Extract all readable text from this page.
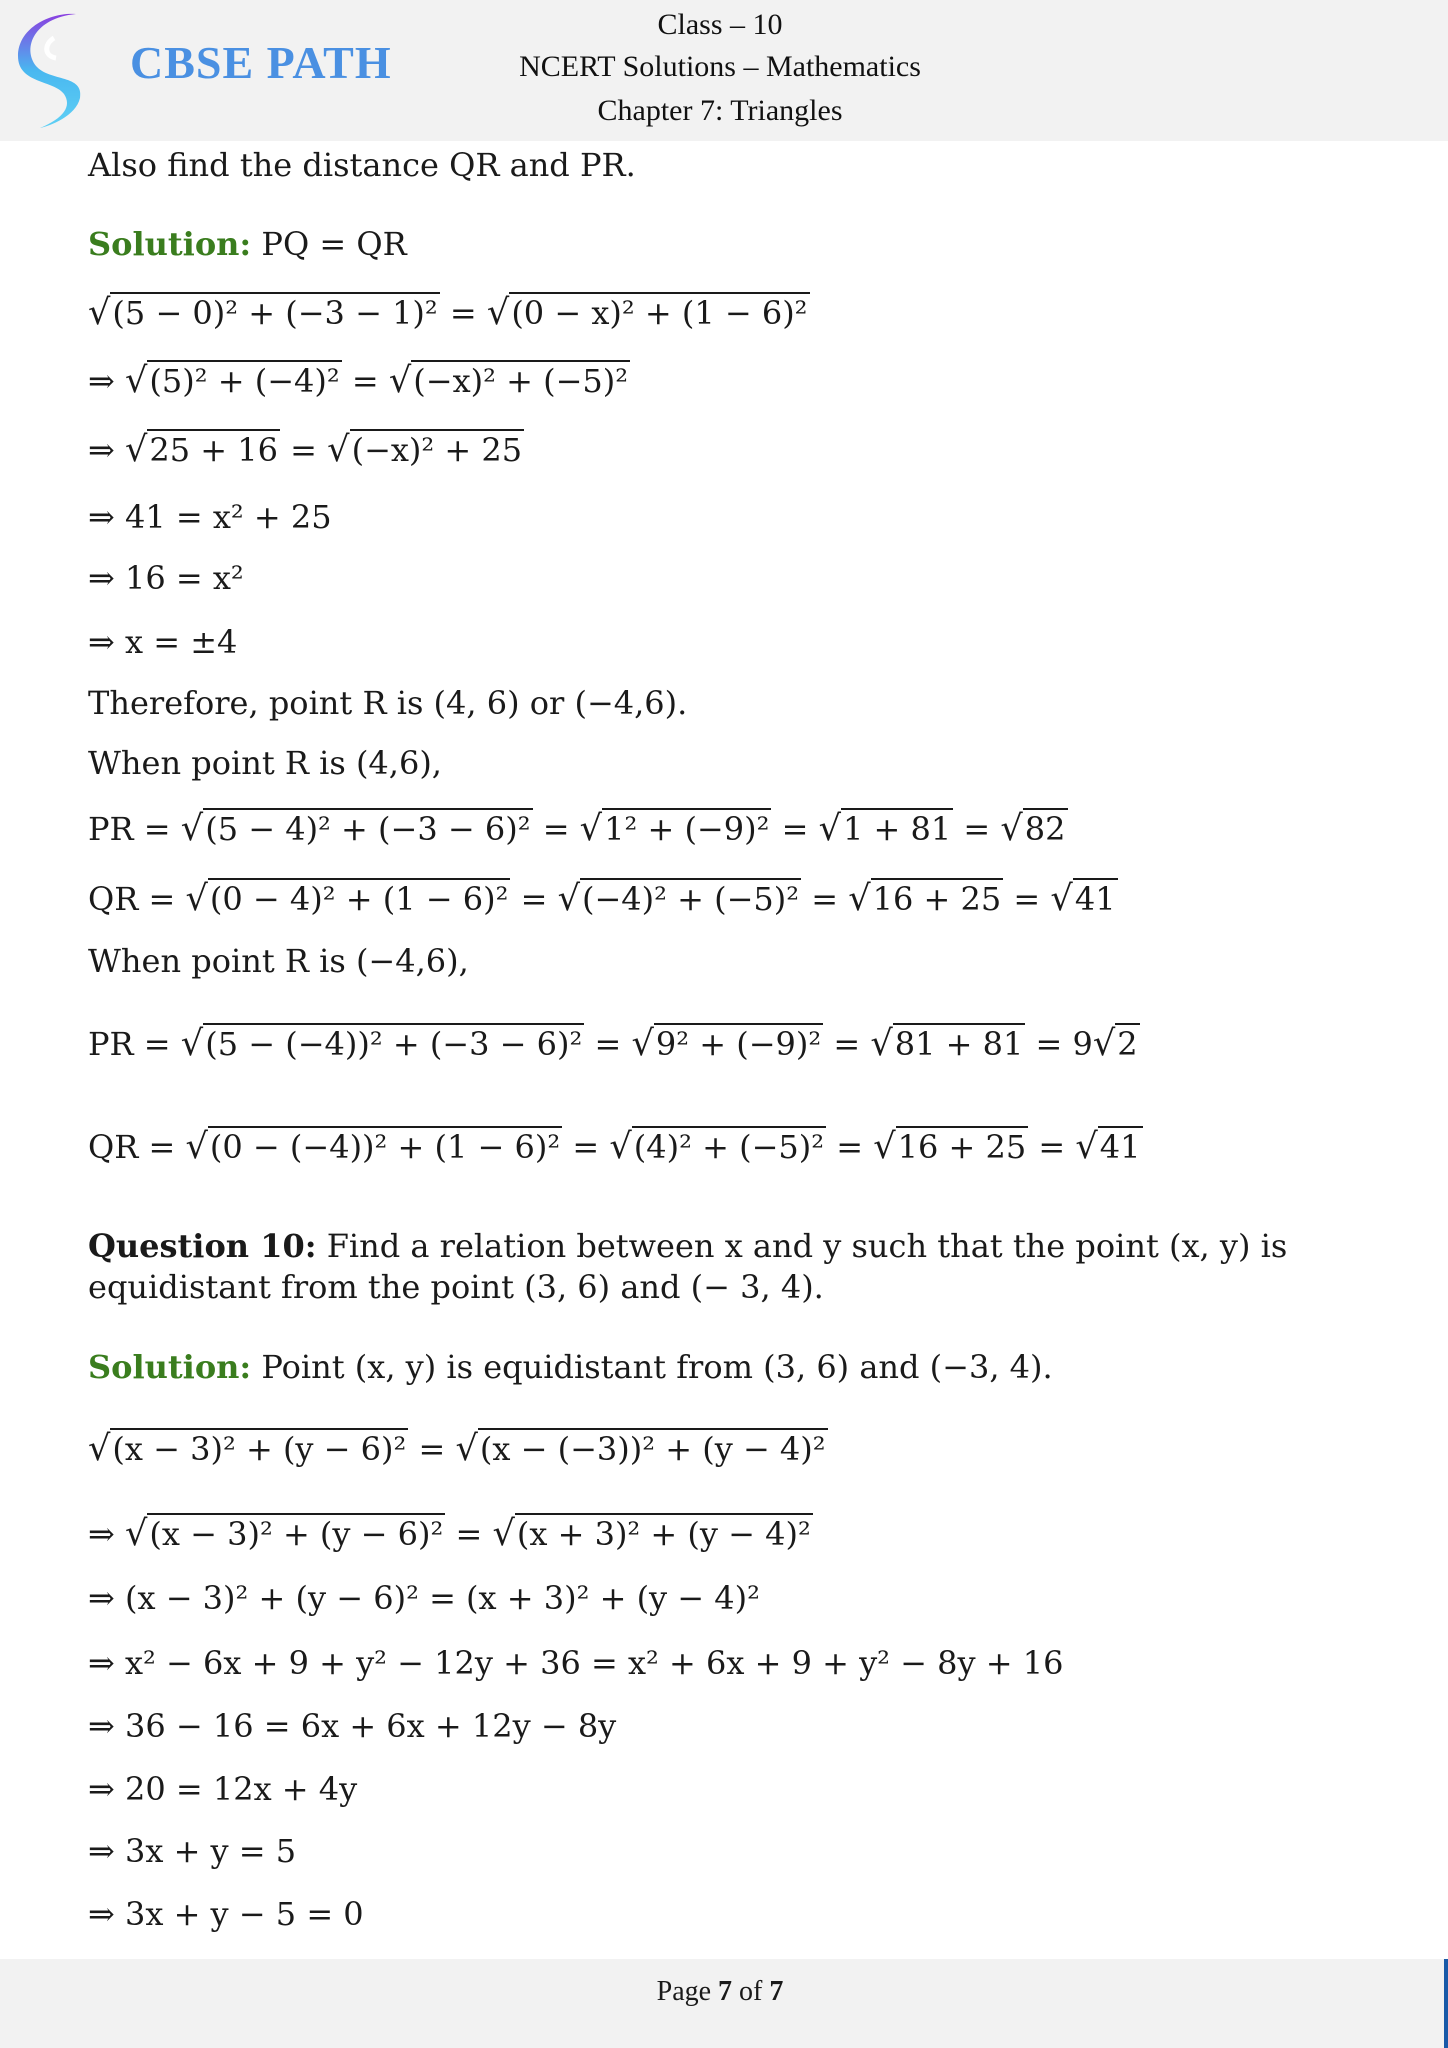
CBSE PATH
Class – 10
NCERT Solutions – Mathematics
Chapter 7: Triangles
Also find the distance QR and PR.
Solution: PQ = QR
√(5 − 0)² + (−3 − 1)² = √(0 − x)² + (1 − 6)²
⇒ √(5)² + (−4)² = √(−x)² + (−5)²
⇒ √25 + 16 = √(−x)² + 25
⇒ 41 = x² + 25
⇒ 16 = x²
⇒ x = ±4
Therefore, point R is (4, 6) or (−4,6).
When point R is (4,6),
PR = √(5 − 4)² + (−3 − 6)² = √1² + (−9)² = √1 + 81 = √82
QR = √(0 − 4)² + (1 − 6)² = √(−4)² + (−5)² = √16 + 25 = √41
When point R is (−4,6),
PR = √(5 − (−4))² + (−3 − 6)² = √9² + (−9)² = √81 + 81 = 9√2
QR = √(0 − (−4))² + (1 − 6)² = √(4)² + (−5)² = √16 + 25 = √41
Question 10: Find a relation between x and y such that the point (x, y) is equidistant from the point (3, 6) and (− 3, 4).
Solution: Point (x, y) is equidistant from (3, 6) and (−3, 4).
√(x − 3)² + (y − 6)² = √(x − (−3))² + (y − 4)²
⇒ √(x − 3)² + (y − 6)² = √(x + 3)² + (y − 4)²
⇒ (x − 3)² + (y − 6)² = (x + 3)² + (y − 4)²
⇒ x² − 6x + 9 + y² − 12y + 36 = x² + 6x + 9 + y² − 8y + 16
⇒ 36 − 16 = 6x + 6x + 12y − 8y
⇒ 20 = 12x + 4y
⇒ 3x + y = 5
⇒ 3x + y − 5 = 0
Page 7 of 7
